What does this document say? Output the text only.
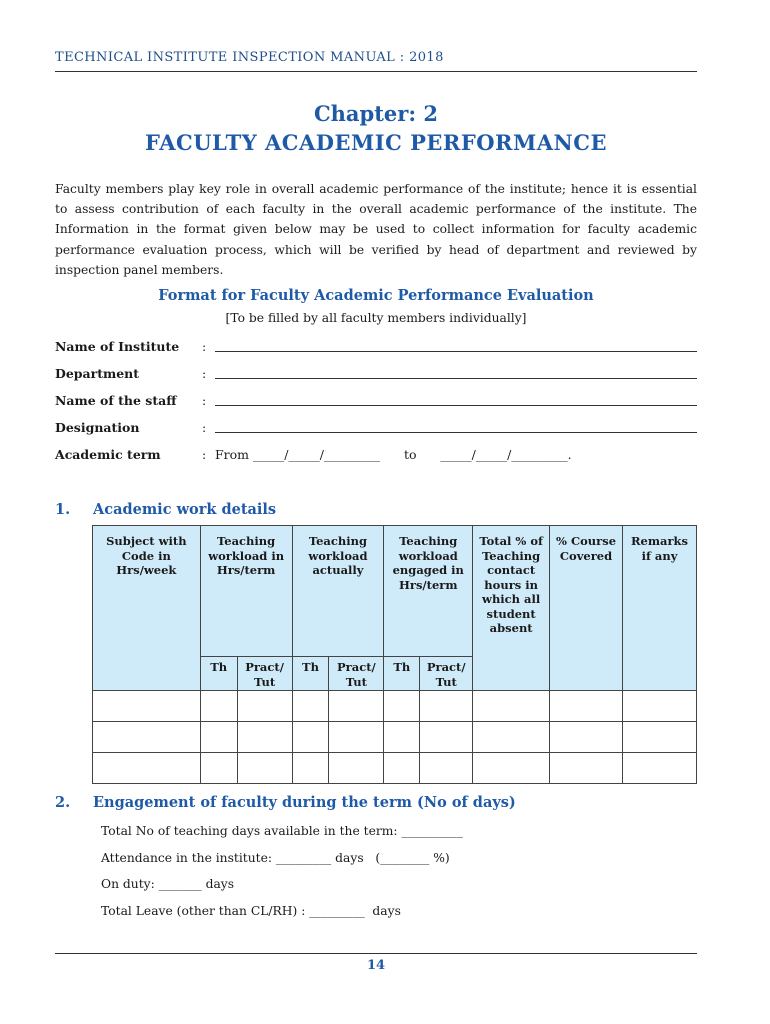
TECHNICAL INSTITUTE INSPECTION MANUAL : 2018
Chapter: 2
FACULTY ACADEMIC PERFORMANCE
Faculty members play key role in overall academic performance of the institute; hence it is essential to assess contribution of each faculty in the overall academic performance of the institute. The Information in the format given below may be used to collect information for faculty academic performance evaluation process, which will be verified by head of department and reviewed by inspection panel members.
Format for Faculty Academic Performance Evaluation
[To be filled by all faculty members individually]
Name of Institute :
Department	:
Name of the staff :
Designation	:
Academic term	: From _____/_____/_________      to      _____/_____/_________.
1. Academic work details
Subject with Code in Hrs/week	Teaching workload in Hrs/term		Teaching workload actually		Teaching workload engaged in Hrs/term		Total % of Teaching contact hours in which all student absent	% Course Covered	Remarks if any
	Th	Pract/ Tut	Th	Pract/ Tut	Th	Pract/ Tut			

2. Engagement of faculty during the term (No of days)
Total No of teaching days available in the term: __________
Attendance in the institute: _________ days   (________ %)
On duty: _______ days
Total Leave (other than CL/RH) : _________  days
14
